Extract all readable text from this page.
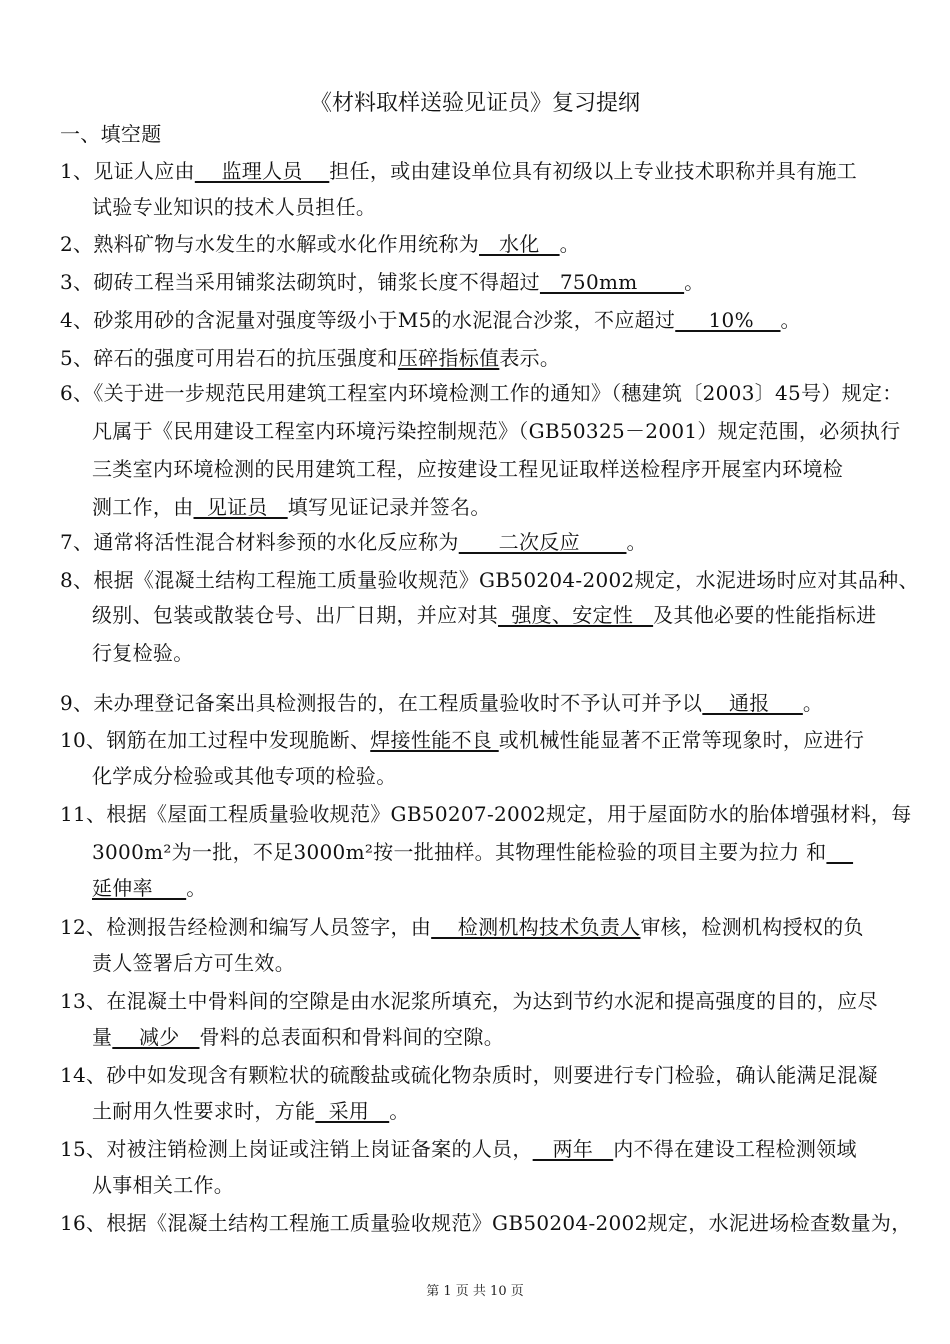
《材料取样送验见证员》复习提纲
一、填空题
1、见证人应由    监理人员    担任，或由建设单位具有初级以上专业技术职称并具有施工
试验专业知识的技术人员担任。
2、熟料矿物与水发生的水解或水化作用统称为   水化   。
3、砌砖工程当采用铺浆法砌筑时，铺浆长度不得超过   750mm       。
4、砂浆用砂的含泥量对强度等级小于M5的水泥混合沙浆，不应超过     10%    。
5、碎石的强度可用岩石的抗压强度和压碎指标值表示。
6、《关于进一步规范民用建筑工程室内环境检测工作的通知》（穗建筑〔2003〕45号）规定：
凡属于《民用建设工程室内环境污染控制规范》（GB50325－2001）规定范围，必须执行
三类室内环境检测的民用建筑工程，应按建设工程见证取样送检程序开展室内环境检
测工作，由  见证员   填写见证记录并签名。
7、通常将活性混合材料参预的水化反应称为      二次反应       。
8、根据《混凝土结构工程施工质量验收规范》GB50204-2002规定，水泥进场时应对其品种、
级别、包装或散装仓号、出厂日期，并应对其  强度、安定性   及其他必要的性能指标进
行复检验。
9、未办理登记备案出具检测报告的，在工程质量验收时不予认可并予以    通报     。
10、钢筋在加工过程中发现脆断、焊接性能不良 或机械性能显著不正常等现象时，应进行
化学成分检验或其他专项的检验。
11、根据《屋面工程质量验收规范》GB50207-2002规定，用于屋面防水的胎体增强材料，每
3000m²为一批，不足3000m²按一批抽样。其物理性能检验的项目主要为拉力 和
延伸率     。
12、检测报告经检测和编写人员签字，由    检测机构技术负责人审核，检测机构授权的负
责人签署后方可生效。
13、在混凝土中骨料间的空隙是由水泥浆所填充，为达到节约水泥和提高强度的目的，应尽
量    减少   骨料的总表面积和骨料间的空隙。
14、砂中如发现含有颗粒状的硫酸盐或硫化物杂质时，则要进行专门检验，确认能满足混凝
土耐用久性要求时，方能  采用   。
15、对被注销检测上岗证或注销上岗证备案的人员，   两年   内不得在建设工程检测领域
从事相关工作。
16、根据《混凝土结构工程施工质量验收规范》GB50204-2002规定，水泥进场检查数量为，
第 1 页 共 10 页
